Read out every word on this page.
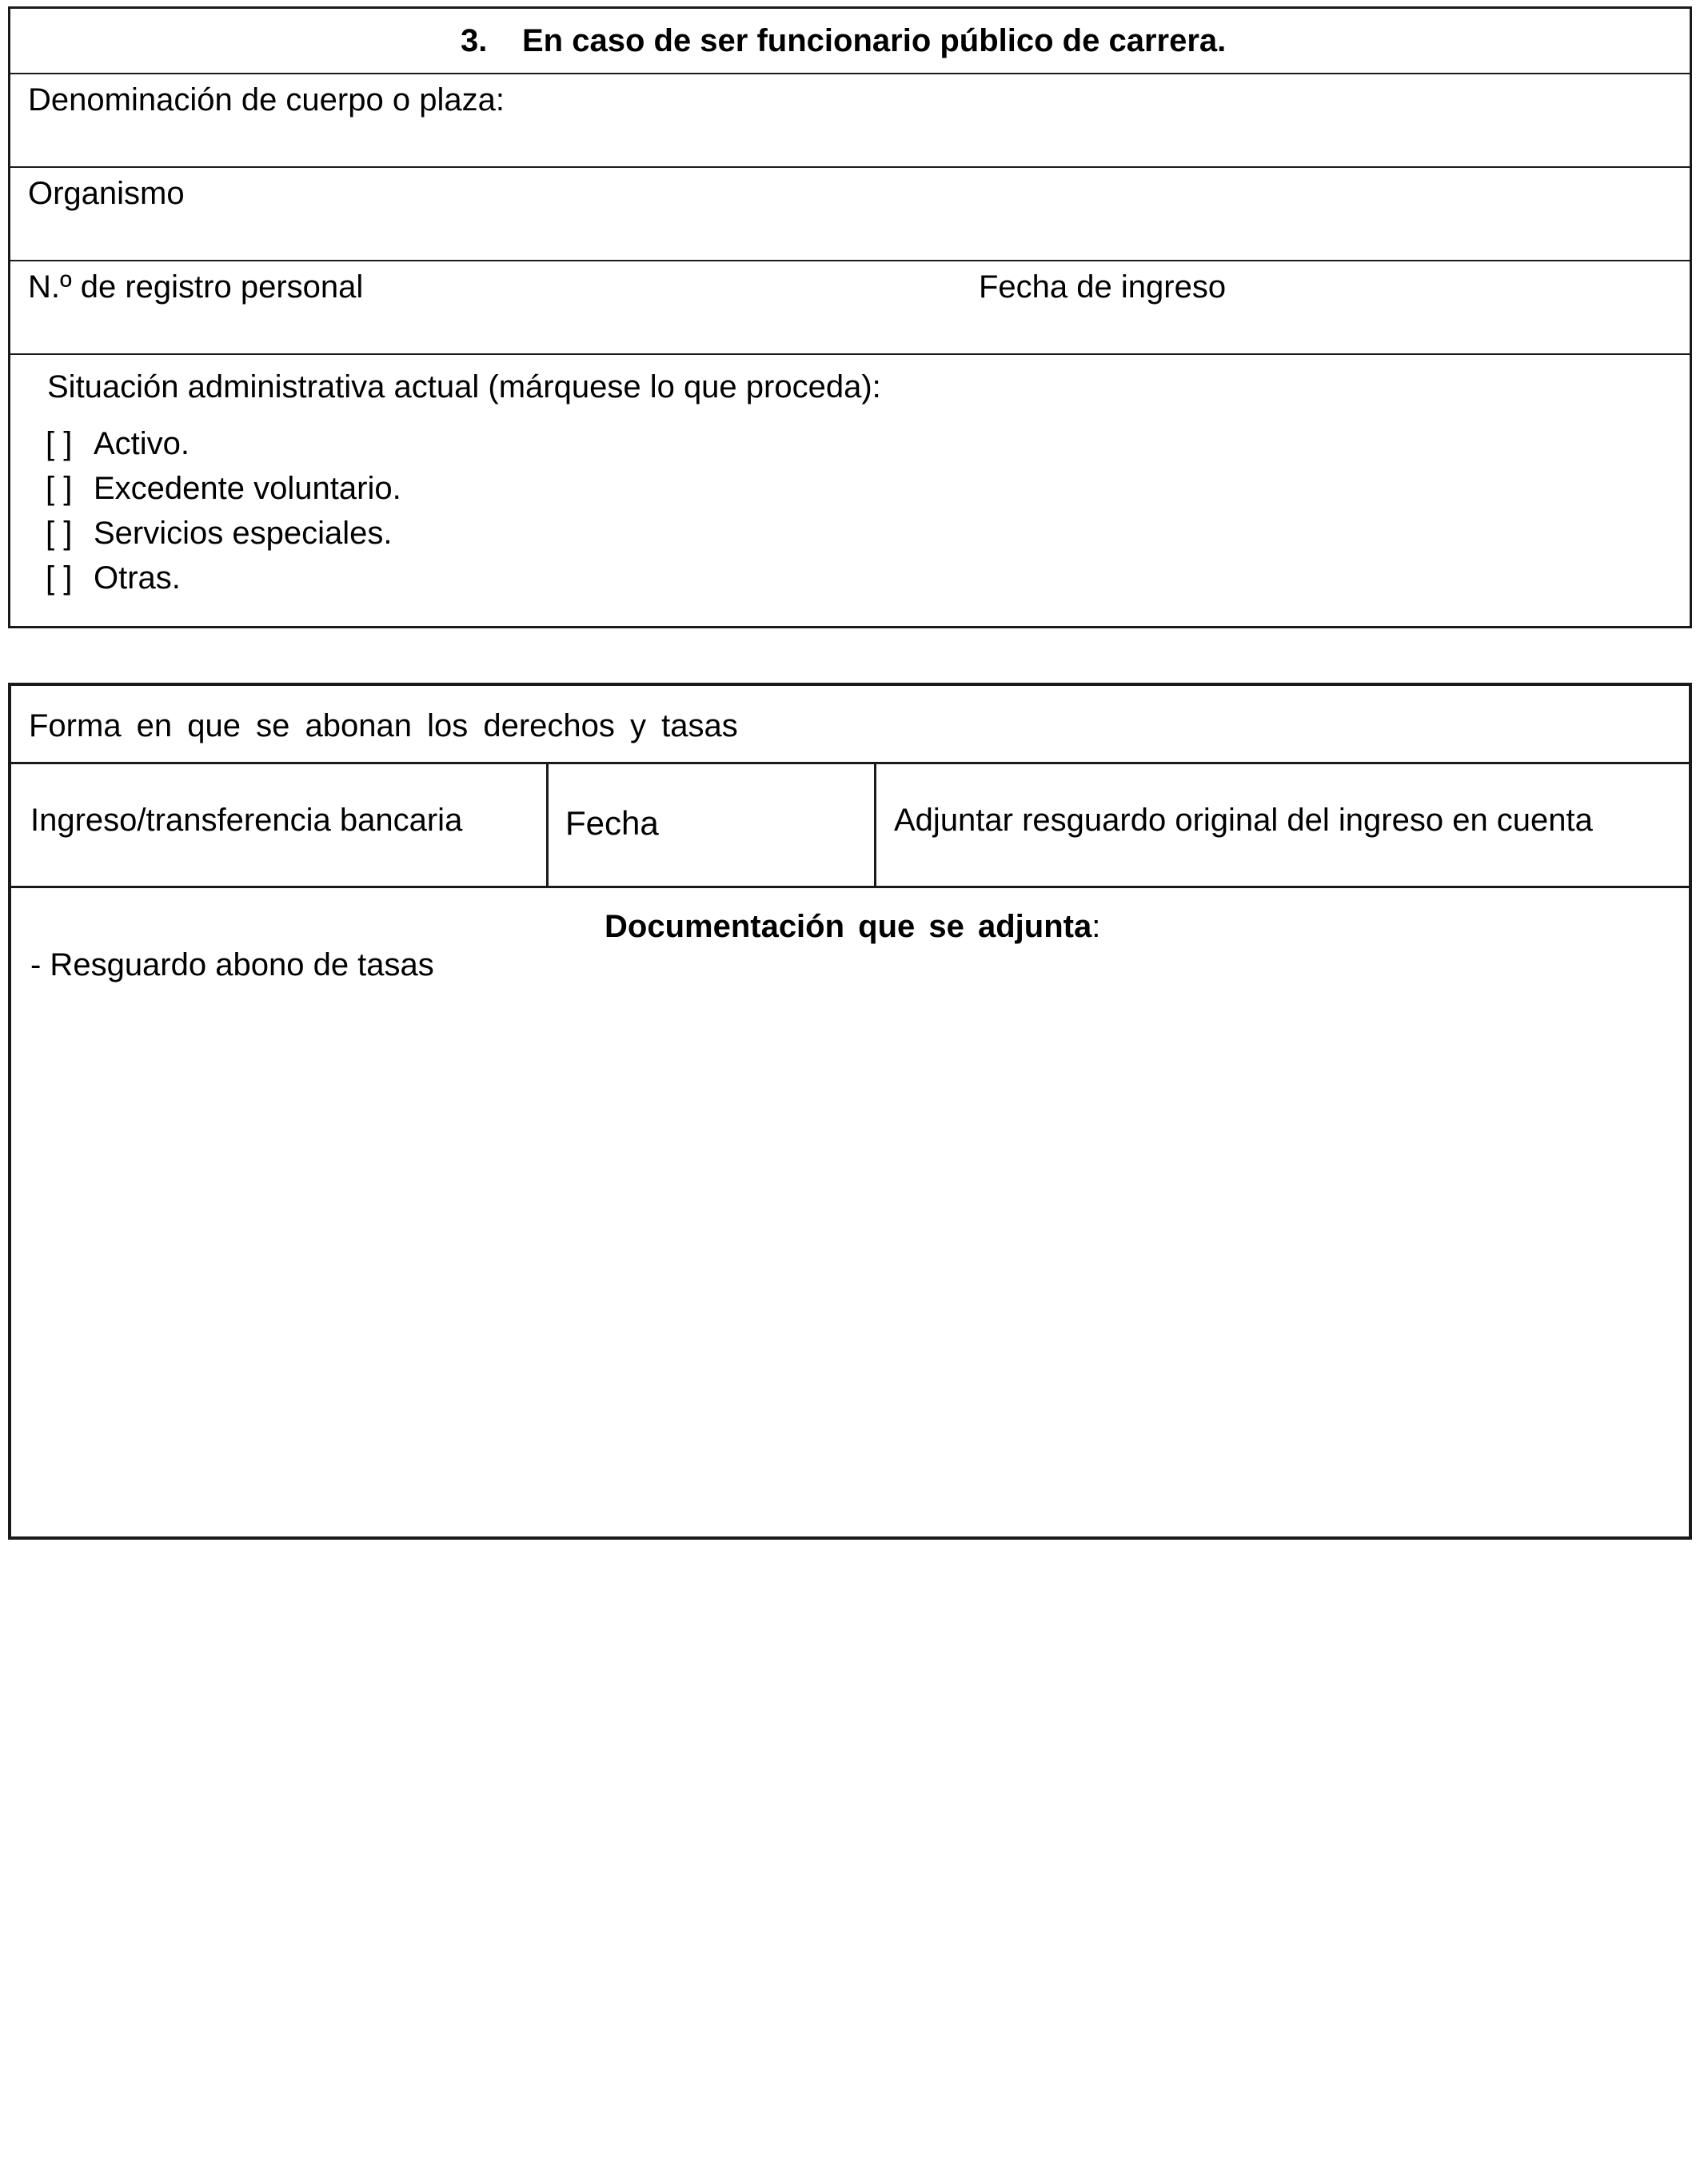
3. En caso de ser funcionario público de carrera.
Denominación de cuerpo o plaza:
Organismo
N.º de registro personal	Fecha de ingreso
Situación administrativa actual (márquese lo que proceda):
[ ] Activo.
[ ] Excedente voluntario.
[ ] Servicios especiales.
[ ] Otras.
Forma en que se abonan los derechos y tasas
Ingreso/transferencia bancaria	Fecha	Adjuntar resguardo original del ingreso en cuenta
Documentación que se adjunta:
- Resguardo abono de tasas
